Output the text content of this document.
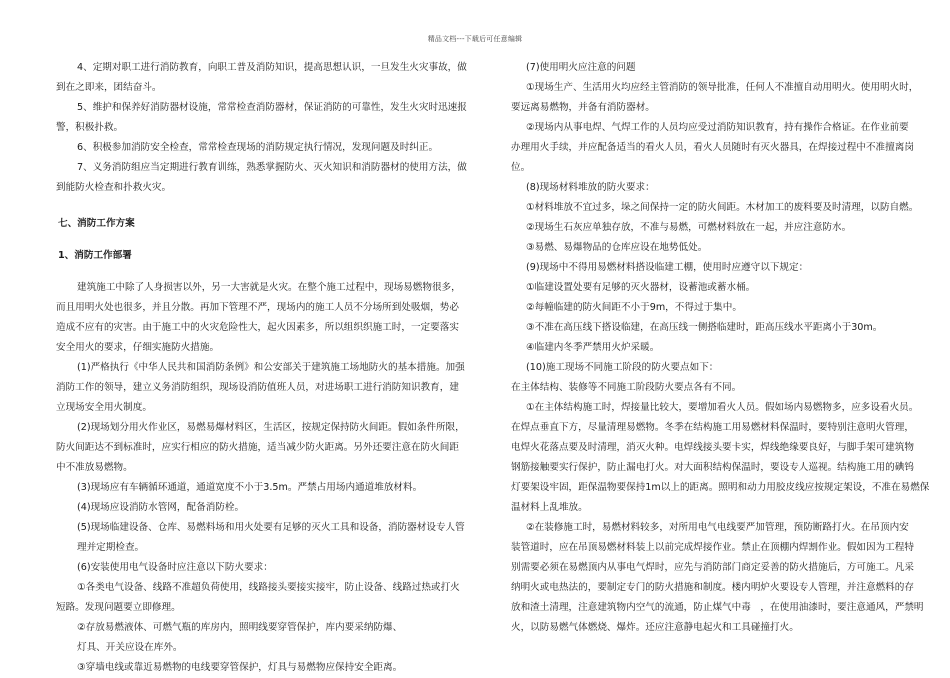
精品文档---下载后可任意编辑

4、定期对职工进行消防教育，向职工普及消防知识，提高思想认识，一旦发生火灾事故，做

到在之即来，团结奋斗。

5、维护和保养好消防器材设施，常常检查消防器材，保证消防的可靠性，发生火灾时迅速报

警，积极扑救。

6、积极参加消防安全检查，常常检查现场的消防规定执行情况，发现问题及时纠正。

7、义务消防组应当定期进行教育训练，熟悉掌握防火、灭火知识和消防器材的使用方法，做

到能防火检查和扑救火灾。

七、消防工作方案

1、消防工作部署

建筑施工中除了人身损害以外，另一大害就是火灾。在整个施工过程中，现场易燃物很多，

而且用明火处也很多，并且分散。再加下管理不严，现场内的施工人员不分场所到处吸烟，势必

造成不应有的灾害。由于施工中的火灾危险性大，起火因素多，所以组织织施工时，一定要落实

安全用火的要求，仔细实施防火措施。

(1)严格执行《中华人民共和国消防条例》和公安部关于建筑施工场地防火的基本措施。加强

消防工作的领导，建立义务消防组织，现场设消防值班人员，对进场职工进行消防知识教育，建

立现场安全用火制度。

(2)现场划分用火作业区，易燃易爆材料区，生活区，按规定保持防火间距。假如条件所限，

防火间距达不到标准时，应实行相应的防火措施，适当减少防火距离。另外还要注意在防火间距

中不准放易燃物。

(3)现场应有车辆循环通道，通道宽度不小于3.5m。严禁占用场内通道堆放材料。

(4)现场应设消防水管网，配备消防栓。

(5)现场临建设备、仓库、易燃料场和用火处要有足够的灭火工具和设备，消防器材设专人管

理并定期检查。

(6)安装使用电气设备时应注意以下防火要求：

①各类电气设备、线路不准超负荷使用，线路接头要接实接牢，防止设备、线路过热或打火

短路。发现问题要立即修理。

②存放易燃液体、可燃气瓶的库房内，照明线要穿管保护，库内要采纳防爆、

灯具、开关应设在库外。

③穿墙电线或靠近易燃物的电线要穿管保护，灯具与易燃物应保持安全距离。

(7)使用明火应注意的问题

①现场生产、生活用火均应经主管消防的领导批准，任何人不准擅自动用明火。使用明火时，

要远离易燃物，并备有消防器材。

②现场内从事电焊、气焊工作的人员均应受过消防知识教育，持有操作合格证。在作业前要

办理用火手续，并应配备适当的看火人员，看火人员随时有灭火器具，在焊接过程中不准擅离岗

位。

(8)现场材料堆放的防火要求：

①材料堆放不宜过多，垛之间保持一定的防火间距。木材加工的废料要及时清理，以防自燃。

②现场生石灰应单独存放，不准与易燃，可燃材料放在一起，并应注意防水。

③易燃、易爆物品的仓库应设在地势低处。

(9)现场中不得用易燃材料搭设临建工棚，使用时应遵守以下规定：

①临建设置处要有足够的灭火器材，设蓄池或蓄水桶。

②每幢临建的防火间距不小于9m，不得过于集中。

③不准在高压线下搭设临建，在高压线一侧搭临建时，距高压线水平距离小于30m。

④临建内冬季严禁用火炉采暖。

(10)施工现场不同施工阶段的防火要点如下：

在主体结构、装修等不同施工阶段防火要点各有不同。

①在主体结构施工时，焊接量比较大，要增加看火人员。假如场内易燃物多，应多设看火员。

在焊点垂直下方，尽量清理易燃物。冬季在结构施工用易燃材料保温时，要特别注意明火管理，

电焊火花落点要及时清理，消灭火种。电焊线接头要卡实，焊线绝缘要良好，与脚手架可建筑物

钢筋接触要实行保护，防止漏电打火。对大面积结构保温时，要设专人巡视。结构施工用的碘钨

灯要架设牢固，距保温物要保持1m以上的距离。照明和动力用胶皮线应按规定架设，不准在易燃保

温材料上乱堆放。

②在装修施工时，易燃材料较多，对所用电气电线要严加管理，预防断路打火。在吊顶内安

装管道时，应在吊顶易燃材料装上以前完成焊接作业。禁止在顶棚内焊割作业。假如因为工程特

别需要必须在易燃顶内从事电气焊时，应先与消防部门商定妥善的防火措施后，方可施工。凡采

纳明火或电热法的，要制定专门的防火措施和制度。楼内明炉火要设专人管理，并注意燃料的存

放和渣土清理，注意建筑物内空气的流通，防止煤气中毒　，在使用油漆时，要注意通风，严禁明

火，以防易燃气体燃烧、爆炸。还应注意静电起火和工具碰撞打火。
